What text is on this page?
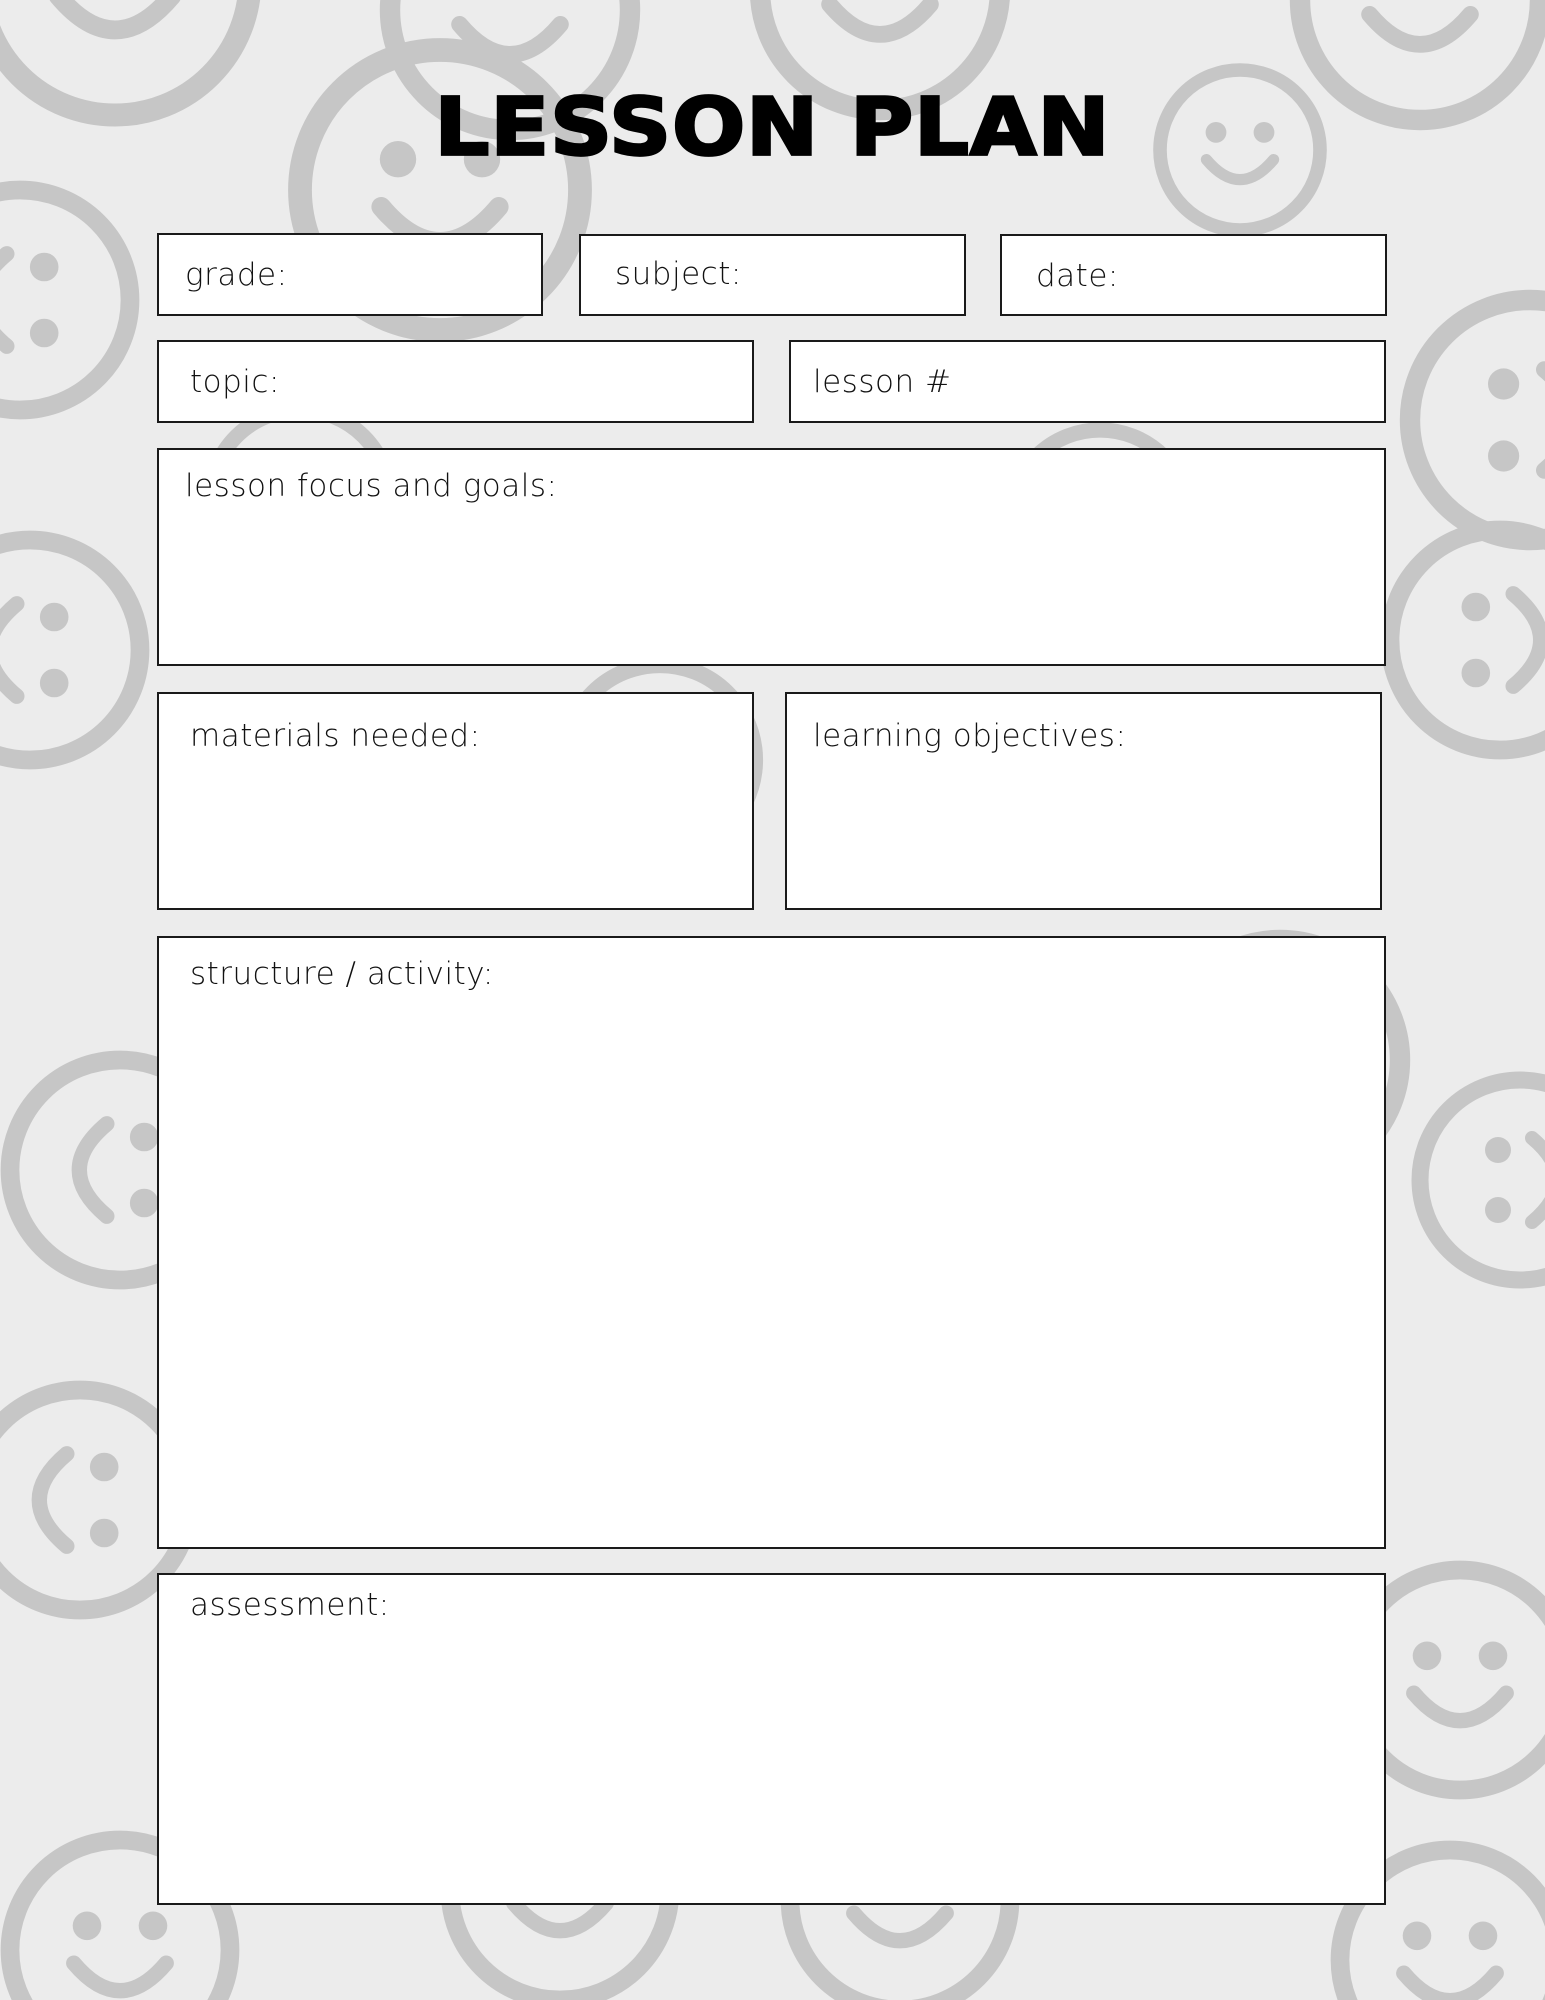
LESSON PLAN
grade:	subject:	date:
topic:	lesson #
lesson focus and goals:
materials needed:	learning objectives:
structure / activity:
assessment:
